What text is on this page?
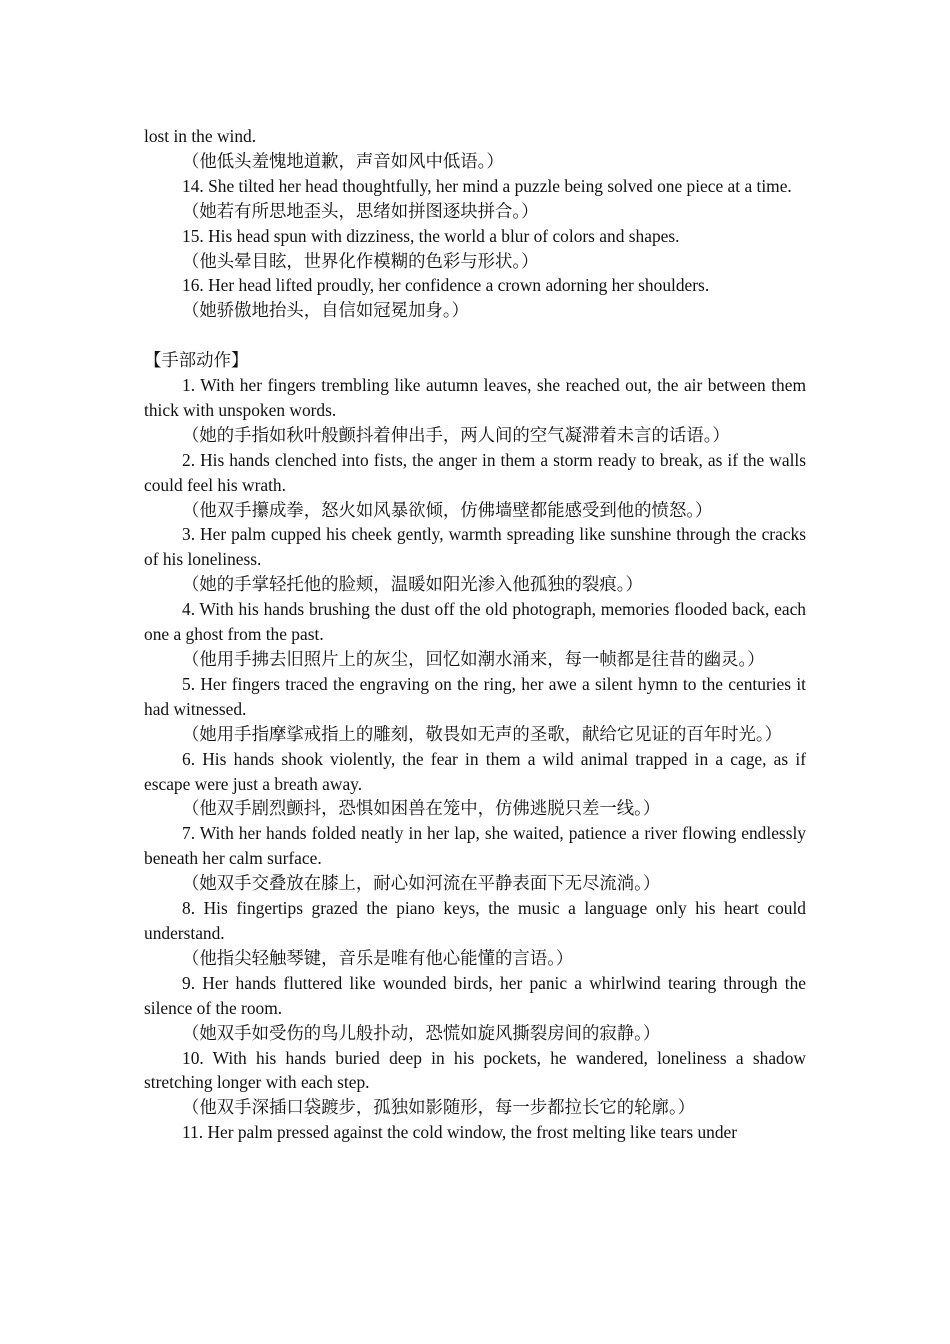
lost in the wind.

（他低头羞愧地道歉，声音如风中低语。）

14. She tilted her head thoughtfully, her mind a puzzle being solved one piece at a time.

（她若有所思地歪头，思绪如拼图逐块拼合。）

15. His head spun with dizziness, the world a blur of colors and shapes.

（他头晕目眩，世界化作模糊的色彩与形状。）

16. Her head lifted proudly, her confidence a crown adorning her shoulders.

（她骄傲地抬头，自信如冠冕加身。）

【手部动作】

1. With her fingers trembling like autumn leaves, she reached out, the air between them thick with unspoken words.

（她的手指如秋叶般颤抖着伸出手，两人间的空气凝滞着未言的话语。）

2. His hands clenched into fists, the anger in them a storm ready to break, as if the walls could feel his wrath.

（他双手攥成拳，怒火如风暴欲倾，仿佛墙壁都能感受到他的愤怒。）

3. Her palm cupped his cheek gently, warmth spreading like sunshine through the cracks of his loneliness.

（她的手掌轻托他的脸颊，温暖如阳光渗入他孤独的裂痕。）

4. With his hands brushing the dust off the old photograph, memories flooded back, each one a ghost from the past.

（他用手拂去旧照片上的灰尘，回忆如潮水涌来，每一帧都是往昔的幽灵。）

5. Her fingers traced the engraving on the ring, her awe a silent hymn to the centuries it had witnessed.

（她用手指摩挲戒指上的雕刻，敬畏如无声的圣歌，献给它见证的百年时光。）

6. His hands shook violently, the fear in them a wild animal trapped in a cage, as if escape were just a breath away.

（他双手剧烈颤抖，恐惧如困兽在笼中，仿佛逃脱只差一线。）

7. With her hands folded neatly in her lap, she waited, patience a river flowing endlessly beneath her calm surface.

（她双手交叠放在膝上，耐心如河流在平静表面下无尽流淌。）

8. His fingertips grazed the piano keys, the music a language only his heart could understand.

（他指尖轻触琴键，音乐是唯有他心能懂的言语。）

9. Her hands fluttered like wounded birds, her panic a whirlwind tearing through the silence of the room.

（她双手如受伤的鸟儿般扑动，恐慌如旋风撕裂房间的寂静。）

10. With his hands buried deep in his pockets, he wandered, loneliness a shadow stretching longer with each step.

（他双手深插口袋踱步，孤独如影随形，每一步都拉长它的轮廓。）

11. Her palm pressed against the cold window, the frost melting like tears under
